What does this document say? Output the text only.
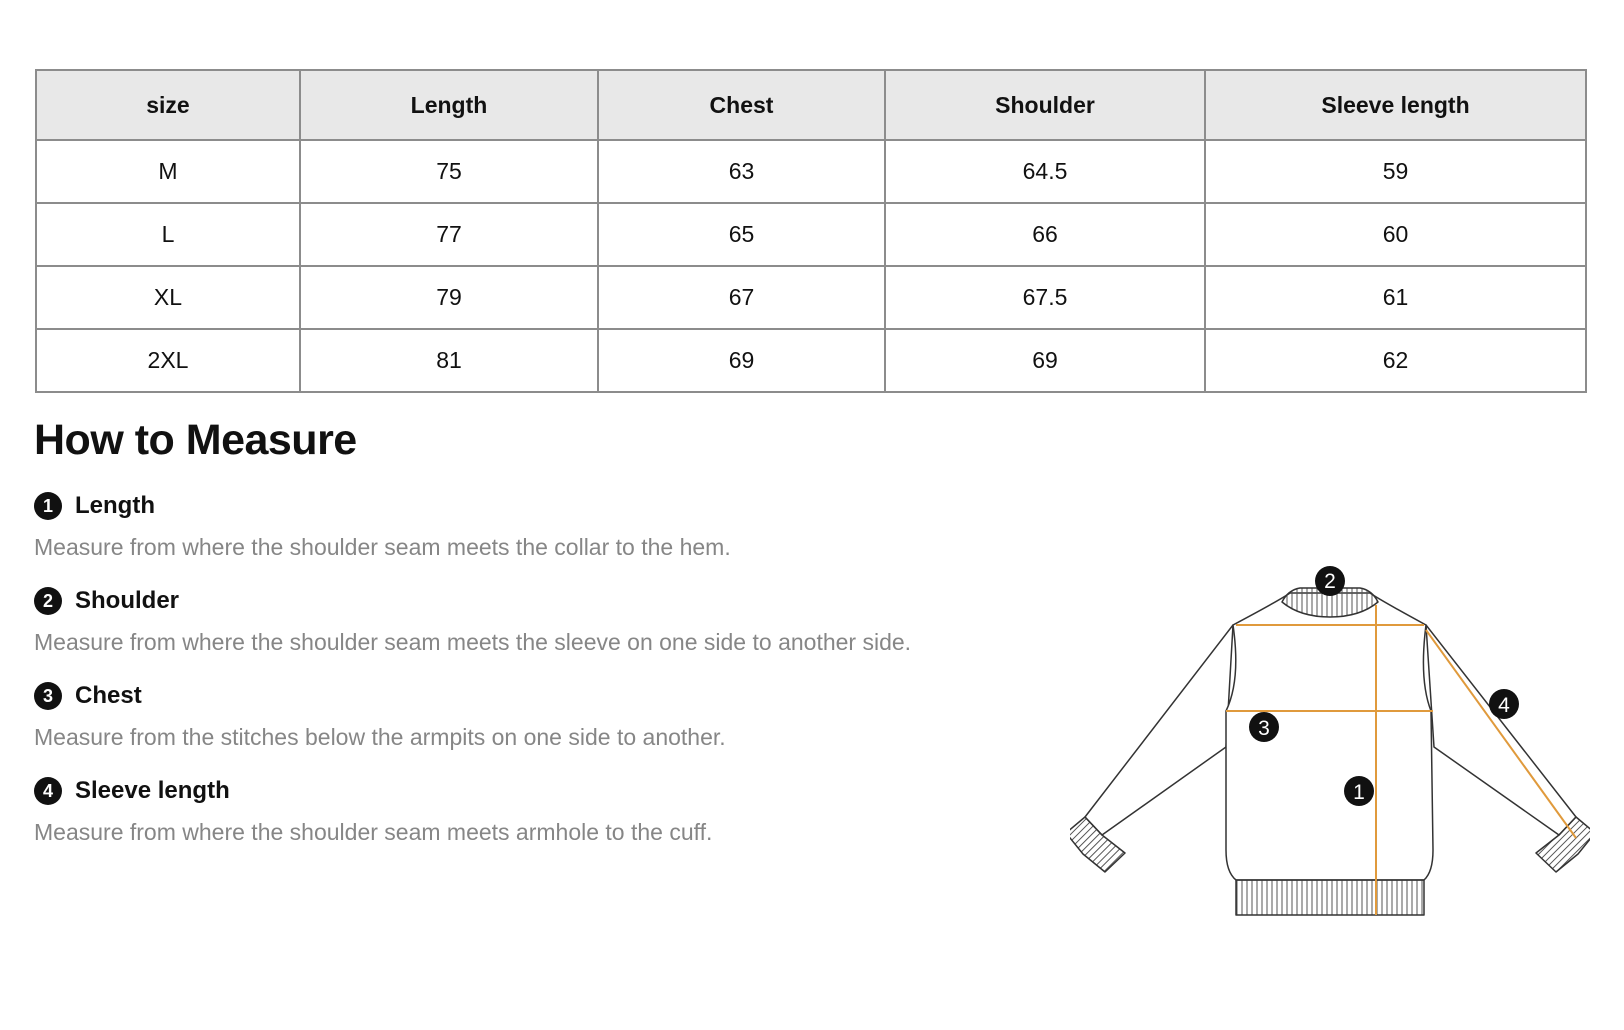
size	Length	Chest	Shoulder	Sleeve length
M	75	63	64.5	59
L	77	65	66	60
XL	79	67	67.5	61
2XL	81	69	69	62
How to Measure
1 Length
Measure from where the shoulder seam meets the collar to the hem.
2 Shoulder
Measure from where the shoulder seam meets the sleeve on one side to another side.
3 Chest
Measure from the stitches below the armpits on one side to another.
4 Sleeve length
Measure from where the shoulder seam meets armhole to the cuff.
2
3
1
4
